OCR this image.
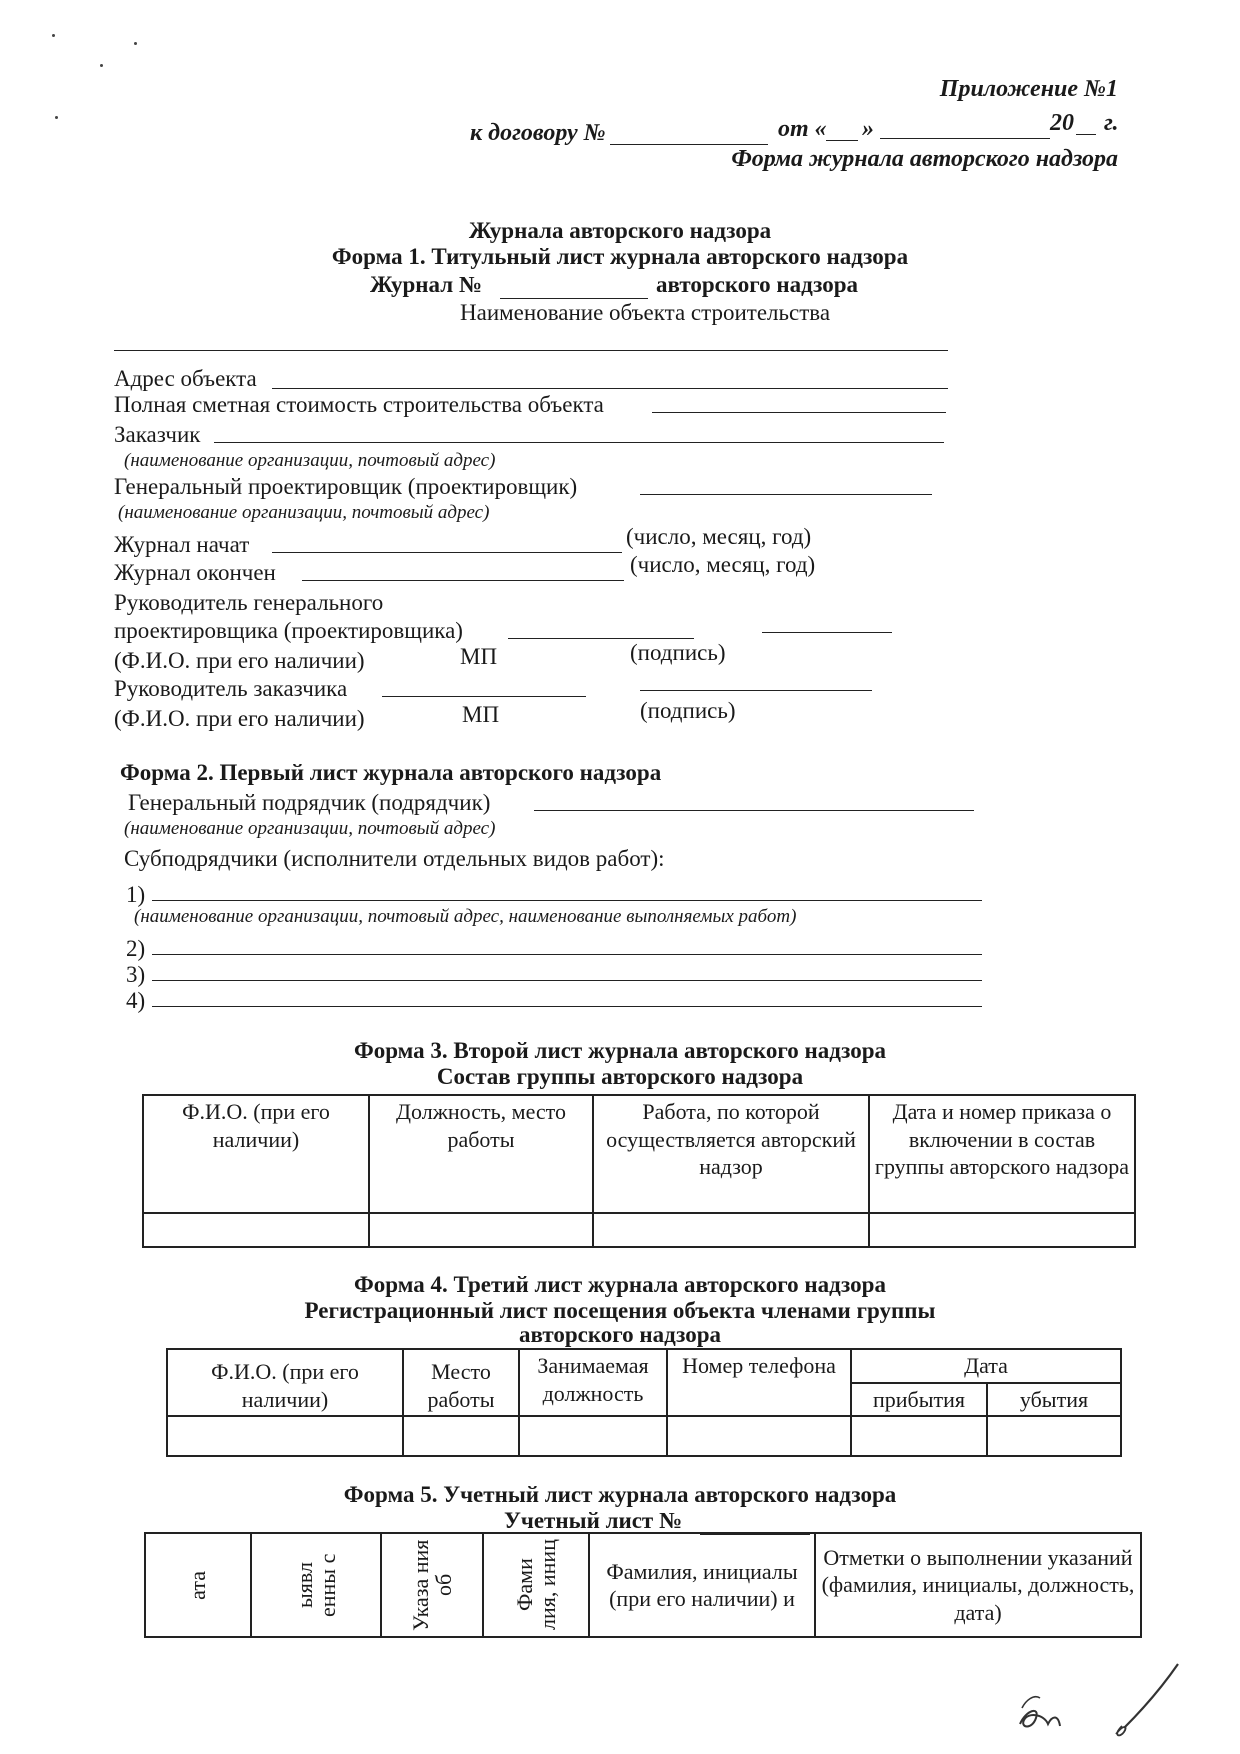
Приложение №1
к договору №	от « »	20 г.
Форма журнала авторского надзора
Журнала авторского надзора
Форма 1. Титульный лист журнала авторского надзора
Журнал №	авторского надзора
Наименование объекта строительства
Адрес объекта
Полная сметная стоимость строительства объекта
Заказчик
(наименование организации, почтовый адрес)
Генеральный проектировщик (проектировщик)
(наименование организации, почтовый адрес)
Журнал начат	(число, месяц, год)
Журнал окончен	(число, месяц, год)
Руководитель генерального
проектировщика (проектировщика)
(Ф.И.О. при его наличии)	МП	(подпись)
Руководитель заказчика
(Ф.И.О. при его наличии)	МП	(подпись)
Форма 2. Первый лист журнала авторского надзора
Генеральный подрядчик (подрядчик)
(наименование организации, почтовый адрес)
Субподрядчики (исполнители отдельных видов работ):
1)
(наименование организации, почтовый адрес, наименование выполняемых работ)
2)
3)
4)
Форма 3. Второй лист журнала авторского надзора
Состав группы авторского надзора
Ф.И.О. (при его наличии)	Должность, место работы	Работа, по которой осуществляется авторский надзор	Дата и номер приказа о включении в состав группы авторского надзора

Форма 4. Третий лист журнала авторского надзора
Регистрационный лист посещения объекта членами группы
авторского надзора
Ф.И.О. (при его наличии)	Место работы	Занимаемая должность	Номер телефона	Дата	
				прибытия	убытия

Форма 5. Учетный лист журнала авторского надзора
Учетный лист №
ата	ыявл енны с	Указа ния об	Фами лия, иниц	Фамилия, инициалы (при его наличии) и	Отметки о выполнении указаний (фамилия, инициалы, должность, дата)
